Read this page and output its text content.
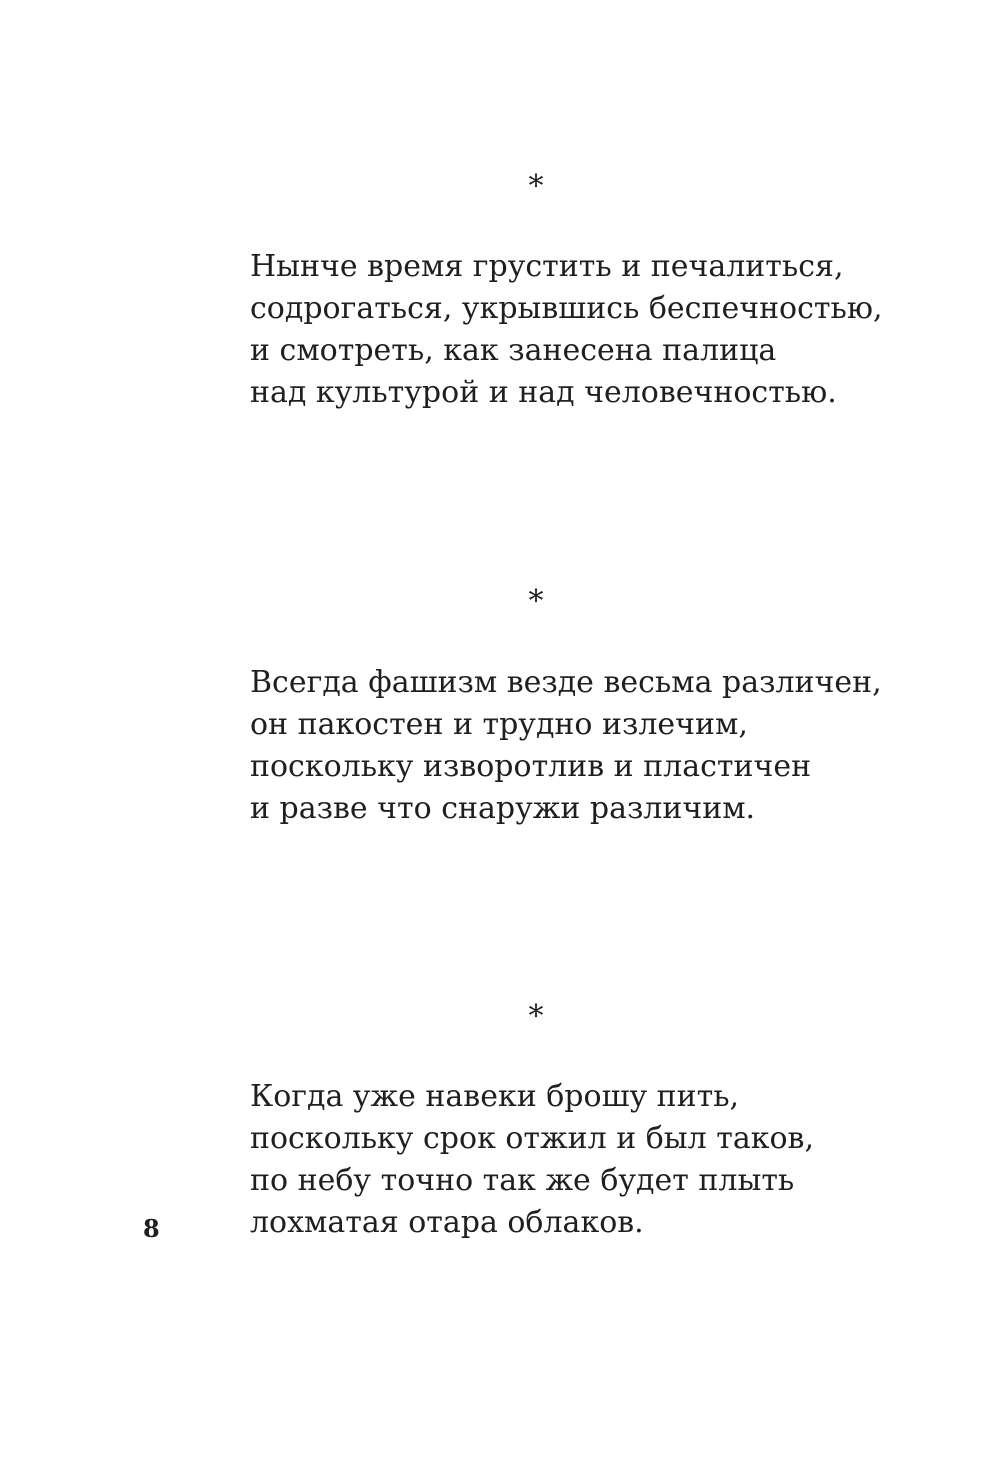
*
Нынче время грустить и печалиться,
содрогаться, укрывшись беспечностью,
и смотреть, как занесена палица
над культурой и над человечностью.
*
Всегда фашизм везде весьма различен,
он пакостен и трудно излечим,
поскольку изворотлив и пластичен
и разве что снаружи различим.
*
Когда уже навеки брошу пить,
поскольку срок отжил и был таков,
по небу точно так же будет плыть
лохматая отара облаков.
8
